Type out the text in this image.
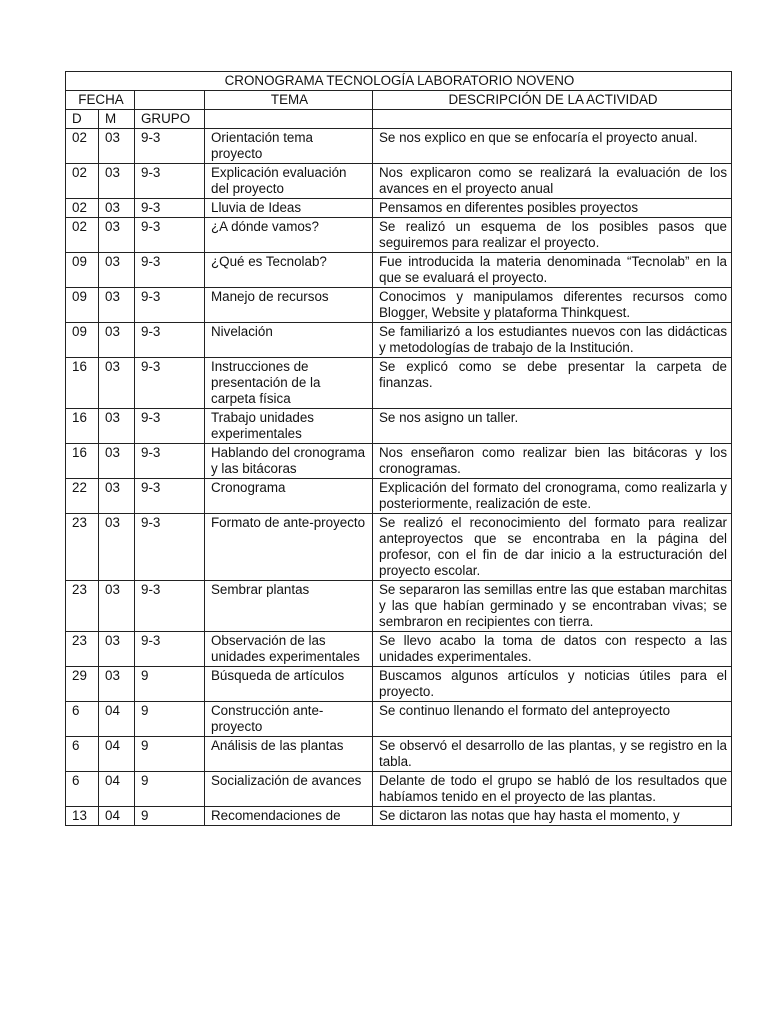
CRONOGRAMA TECNOLOGÍA LABORATORIO NOVENO				
FECHA			TEMA	DESCRIPCIÓN DE LA ACTIVIDAD
D	M	GRUPO		
02	03	9-3	Orientación tema proyecto	Se nos explico en que se enfocaría el proyecto anual.
02	03	9-3	Explicación evaluación del proyecto	Nos explicaron como se realizará la evaluación de los avances en el proyecto anual
02	03	9-3	Lluvia de Ideas	Pensamos en diferentes posibles proyectos
02	03	9-3	¿A dónde vamos?	Se realizó un esquema de los posibles pasos que seguiremos para realizar el proyecto.
09	03	9-3	¿Qué es Tecnolab?	Fue introducida la materia denominada “Tecnolab” en la que se evaluará el proyecto.
09	03	9-3	Manejo de recursos	Conocimos y manipulamos diferentes recursos como Blogger, Website y plataforma Thinkquest.
09	03	9-3	Nivelación	Se familiarizó a los estudiantes nuevos con las didácticas y metodologías de trabajo de la Institución.
16	03	9-3	Instrucciones de presentación de la carpeta física	Se explicó como se debe presentar la carpeta de finanzas.
16	03	9-3	Trabajo unidades experimentales	Se nos asigno un taller.
16	03	9-3	Hablando del cronograma y las bitácoras	Nos enseñaron como realizar bien las bitácoras y los cronogramas.
22	03	9-3	Cronograma	Explicación del formato del cronograma, como realizarla y posteriormente, realización de este.
23	03	9-3	Formato de ante-proyecto	Se realizó el reconocimiento del formato para realizar anteproyectos que se encontraba en la página del profesor, con el fin de dar inicio a la estructuración del proyecto escolar.
23	03	9-3	Sembrar plantas	Se separaron las semillas entre las que estaban marchitas y las que habían germinado y se encontraban vivas; se sembraron en recipientes con tierra.
23	03	9-3	Observación de las unidades experimentales	Se llevo acabo la toma de datos con respecto a las unidades experimentales.
29	03	9	Búsqueda de artículos	Buscamos algunos artículos y noticias útiles para el proyecto.
6	04	9	Construcción ante-proyecto	Se continuo llenando el formato del anteproyecto
6	04	9	Análisis de las plantas	Se observó el desarrollo de las plantas, y se registro en la tabla.
6	04	9	Socialización de avances	Delante de todo el grupo se habló de los resultados que habíamos tenido en el proyecto de las plantas.
13	04	9	Recomendaciones de	Se dictaron las notas que hay hasta el momento, y
